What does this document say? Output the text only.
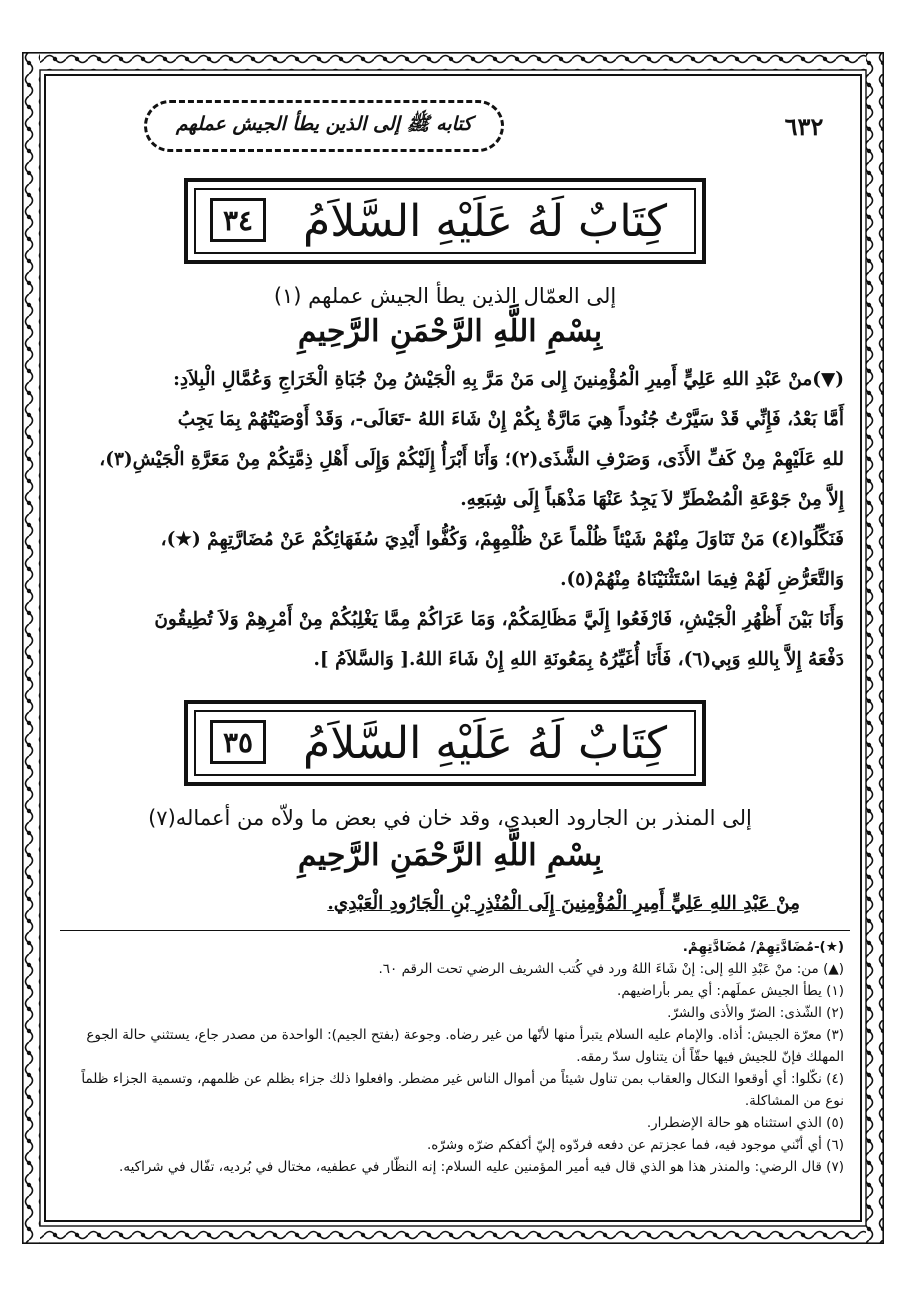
كتابه ﷺ إلى الذين يطأ الجيش عملهم	٦٣٢
كِتَابٌ لَهُ عَلَيْهِ السَّلاَمُ
٣٤
إلى العمّال الذين يطأ الجيش عملهم (١)
بِسْمِ اللَّهِ الرَّحْمَنِ الرَّحِيمِ
(▼)منْ عَبْدِ اللهِ عَلِيٍّ أَمِيرِ الْمُؤْمِنينَ إِلى مَنْ مَرَّ بِهِ الْجَيْشُ مِنْ جُبَاةِ الْخَرَاجِ وَعُمَّالِ الْبِلاَدِ:
أَمَّا بَعْدُ، فَإِنِّي قَدْ سَيَّرْتُ جُنُوداً هِيَ مَارَّةٌ بِكُمْ إِنْ شَاءَ اللهُ -تَعَالَى-، وَقَدْ أَوْصَيْتُهُمْ بِمَا يَجِبُ
للهِ عَلَيْهِمْ مِنْ كَفِّ الأَذَى، وَصَرْفِ الشَّذَى(٢)؛ وَأَنَا أَبْرَأُ إِلَيْكُمْ وَإِلَى أَهْلِ ذِمَّتِكُمْ مِنْ مَعَرَّةِ الْجَيْشِ(٣)،
إِلاَّ مِنْ جَوْعَةِ الْمُضْطَرِّ لاَ يَجِدُ عَنْهَا مَذْهَباً إِلَى شِبَعِهِ.
فَنَكِّلُوا(٤) مَنْ تَنَاوَلَ مِنْهُمْ شَيْئاً ظُلْماً عَنْ ظُلْمِهِمْ، وَكُفُّوا أَيْدِيَ سُفَهَائِكُمْ عَنْ مُضَارَّتِهِمْ (★)،
وَالتَّعَرُّضِ لَهُمْ فِيمَا اسْتَثْنَيْنَاهُ مِنْهُمْ(٥).
وَأَنَا بَيْنَ أَظْهُرِ الْجَيْشِ، فَارْفَعُوا إِلَيَّ مَظَالِمَكُمْ، وَمَا عَرَاكُمْ مِمَّا يَغْلِبُكُمْ مِنْ أَمْرِهِمْ وَلاَ تُطِيقُونَ
دَفْعَهُ إِلاَّ بِاللهِ وَبِي(٦)، فَأَنَا أُغَيِّرُهُ بِمَعُونَةِ اللهِ إِنْ شَاءَ اللهُ.[ وَالسَّلاَمُ ].
كِتَابٌ لَهُ عَلَيْهِ السَّلاَمُ
٣٥
إلى المنذر بن الجارود العبدي، وقد خان في بعض ما ولاّه من أعماله(٧)
بِسْمِ اللَّهِ الرَّحْمَنِ الرَّحِيمِ
مِنْ عَبْدِ اللهِ عَلِيٍّ أَمِيرِ الْمُؤْمِنِينَ إِلَى الْمُنْذِرِ بْنِ الْجَارُودِ الْعَبْدِي.
(★)-مُضَادَّتِهِمْ/ مُضَادَّتِهِمْ.
(▲) من: منْ عَبْدِ اللهِ إلى: إنْ شَاءَ اللهُ ورد في كُتب الشريف الرضي تحت الرقم ٦٠.
(١) يطأ الجيش عملَهم: أي يمر بأراضيهم.
(٢) الشّذى: الضرّ والأذى والشرّ.
(٣) معرّة الجيش: أذاه. والإمام عليه السلام يتبرأ منها لأنّها من غير رضاه. وجوعة (بفتح الجيم): الواحدة من مصدر جاع، يستثني حالة الجوع المهلك فإنّ للجيش فيها حقّاً أن يتناول سدّ رمقه.
(٤) نكّلوا: أي أوقعوا النكال والعقاب بمن تناول شيئاً من أموال الناس غير مضطر. وافعلوا ذلك جزاء بظلم عن ظلمهم، وتسمية الجزاء ظلماً نوع من المشاكلة.
(٥) الذي استثناه هو حالة الإضطرار.
(٦) أي أنّني موجود فيه، فما عجزتم عن دفعه فردّوه إليّ أكفكم ضرّه وشرّه.
(٧) قال الرضي: والمنذر هذا هو الذي قال فيه أمير المؤمنين عليه السلام: إنه النظّار في عطفيه، مختال في بُرديه، تفّال في شراكيه.
